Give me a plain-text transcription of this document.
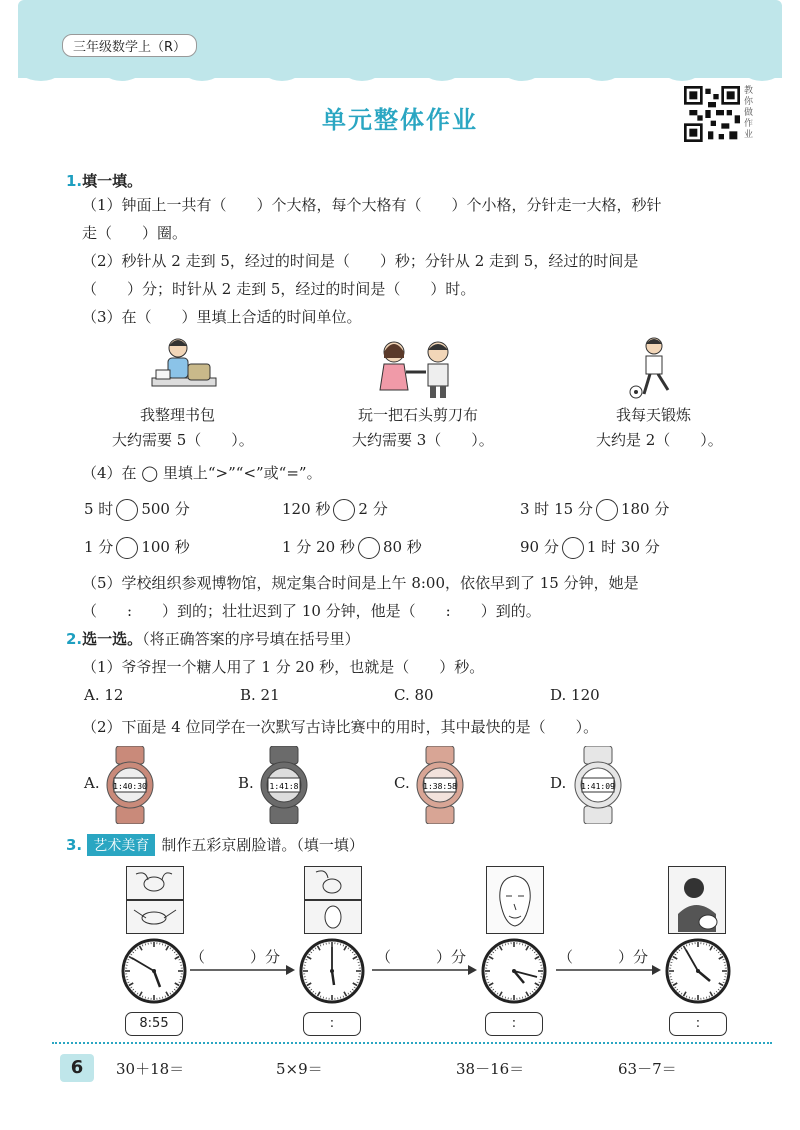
三年级数学上（R）
单元整体作业
教你做作业
1.填一填。
（1）钟面上一共有（　　）个大格，每个大格有（　　）个小格，分针走一大格，秒针
走（　　）圈。
（2）秒针从 2 走到 5，经过的时间是（　　）秒；分针从 2 走到 5，经过的时间是
（　　）分；时针从 2 走到 5，经过的时间是（　　）时。
（3）在（　　）里填上合适的时间单位。
我整理书包
大约需要 5（　　）。
玩一把石头剪刀布
大约需要 3（　　）。
我每天锻炼
大约是 2（　　）。
（4）在 ◯ 里填上“>”“<”或“=”。
5 时 500 分	120 秒 2 分	3 时 15 分 180 分
1 分 100 秒	1 分 20 秒 80 秒	90 分 1 时 30 分
（5）学校组织参观博物馆，规定集合时间是上午 8:00，依依早到了 15 分钟，她是
（　　:　　）到的；壮壮迟到了 10 分钟，他是（　　:　　）到的。
2.选一选。（将正确答案的序号填在括号里）
（1）爷爷捏一个糖人用了 1 分 20 秒，也就是（　　）秒。
A. 12	B. 21	C. 80	D. 120
（2）下面是 4 位同学在一次默写古诗比赛中的用时，其中最快的是（　　）。
A. 1:40:30	B. 1:41:8	C. 1:38:58	D. 1:41:09
3. 艺术美育 制作五彩京剧脸谱。（填一填）
（　　　）分	（　　　）分	（　　　）分
8:55	:	:	:
6	30＋18＝	5×9＝	38－16＝	63－7＝
